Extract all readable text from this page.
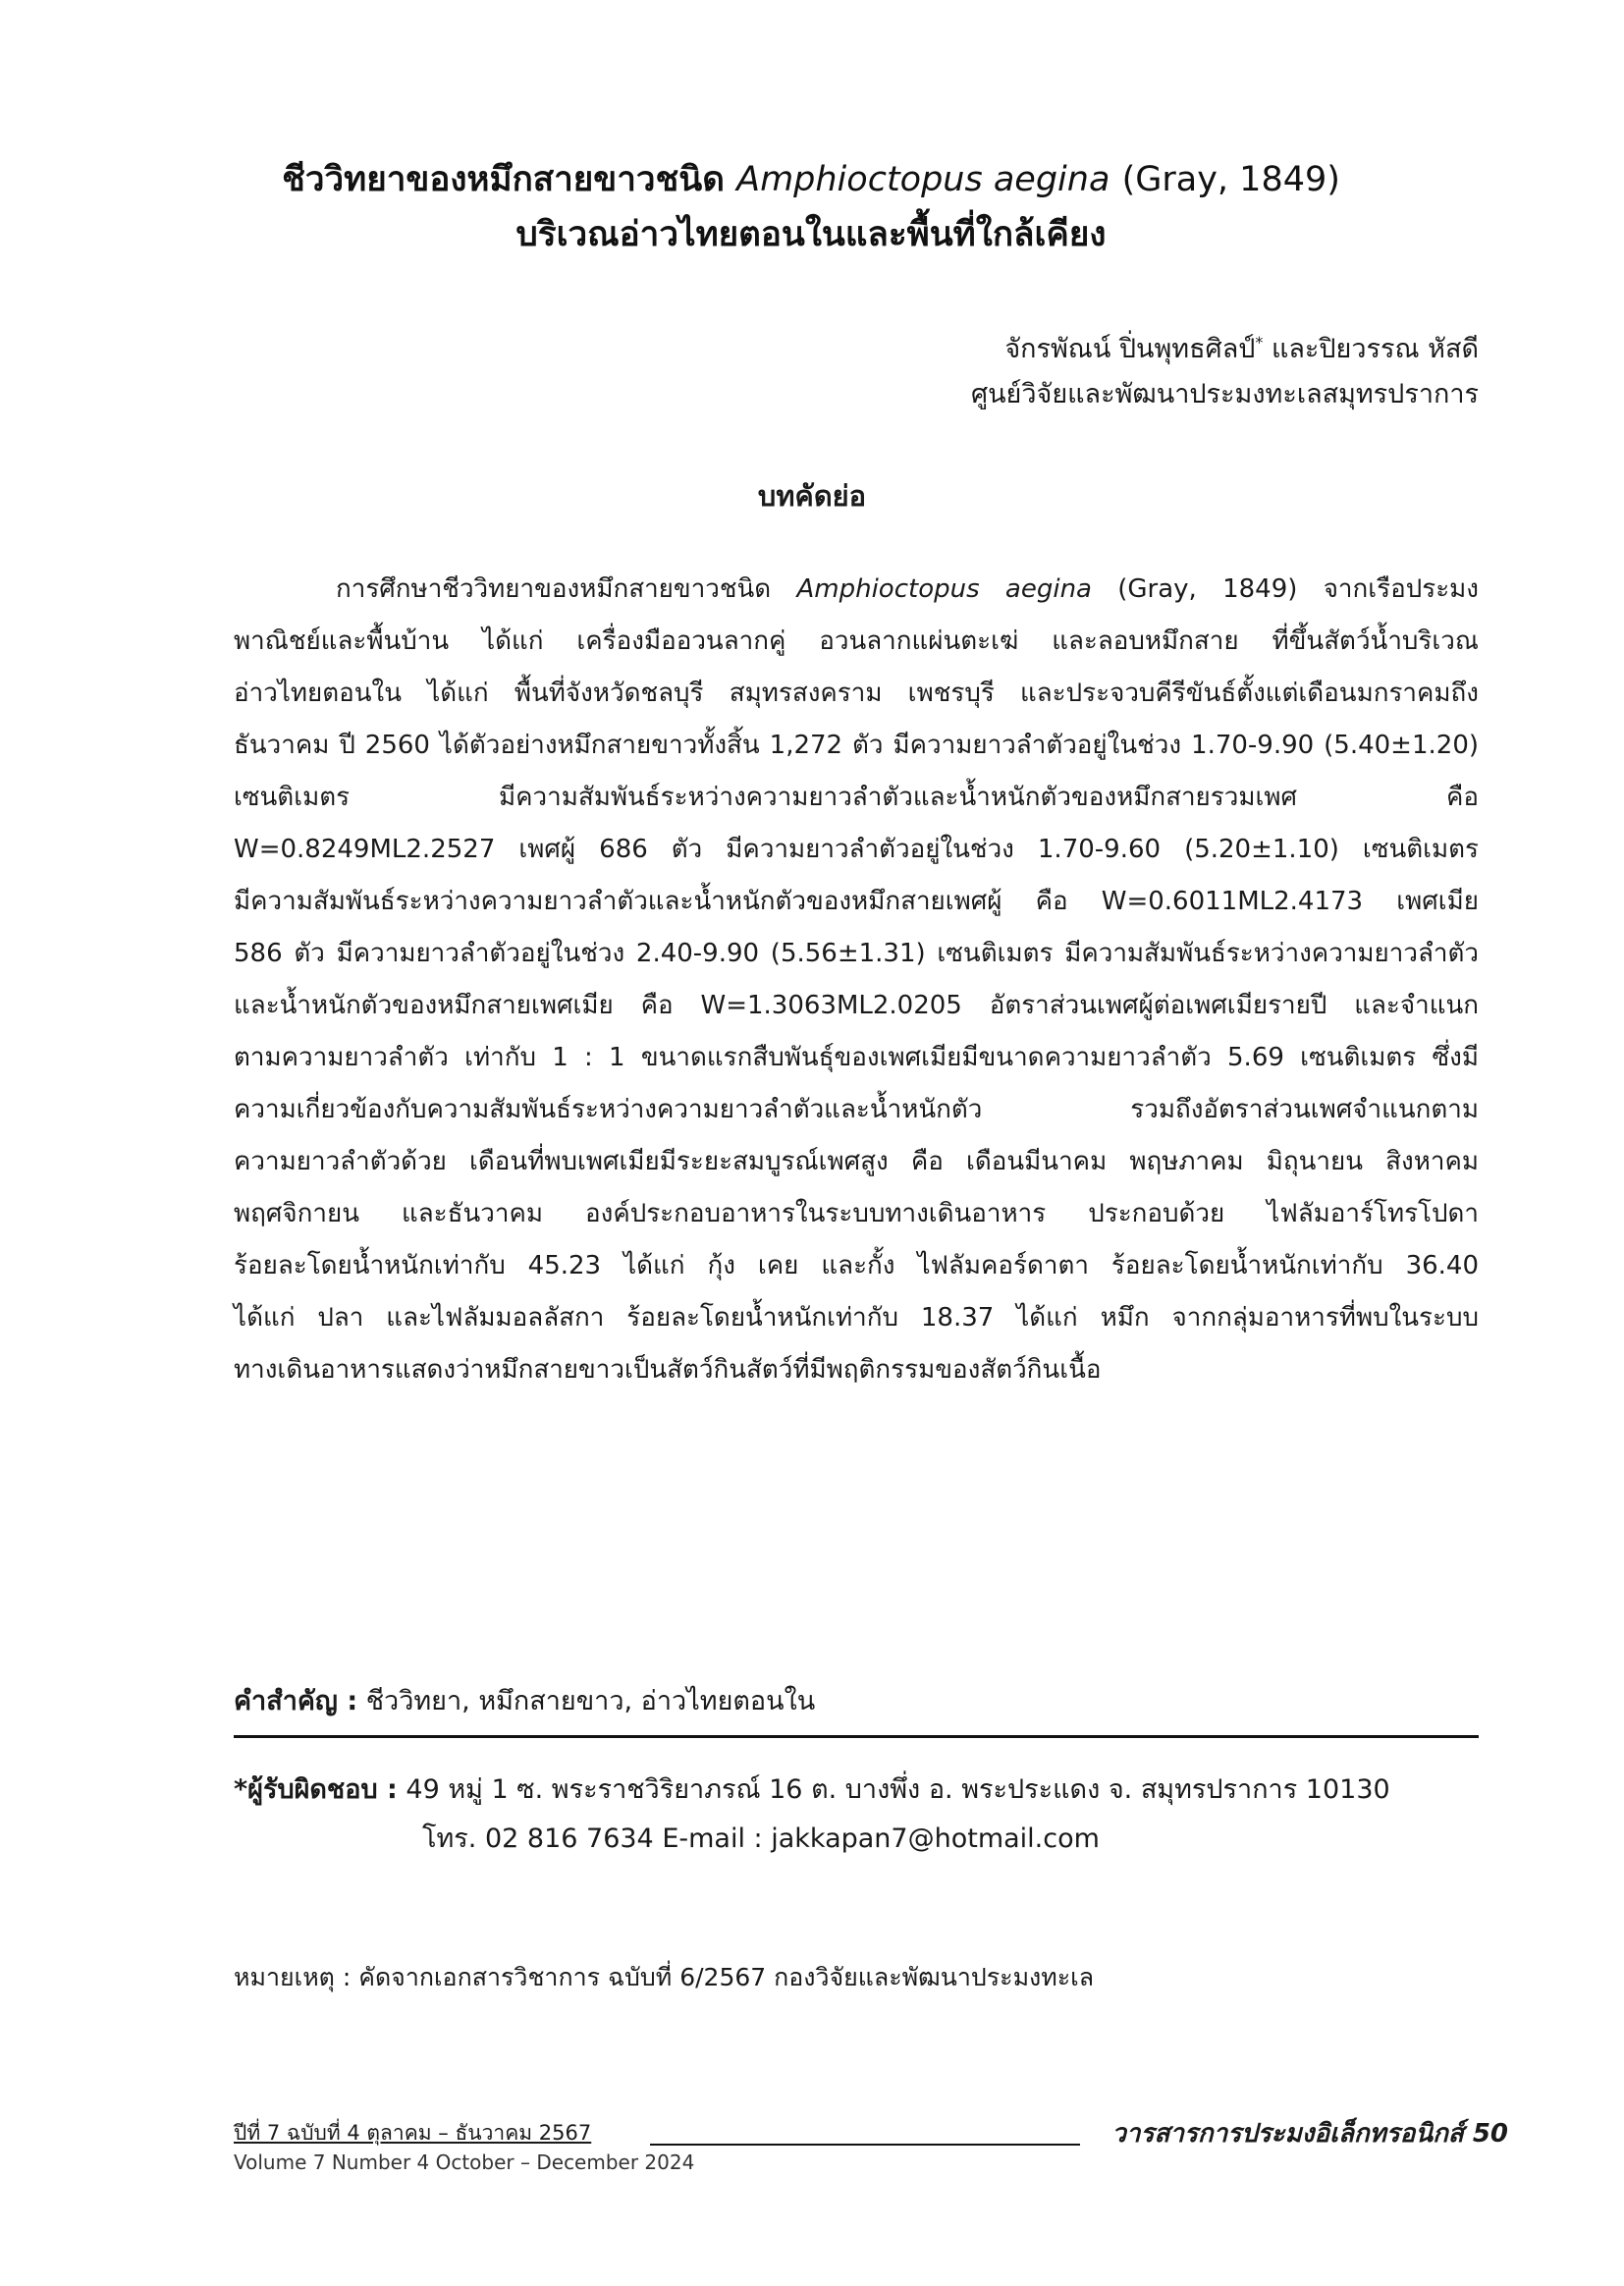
ชีววิทยาของหมึกสายขาวชนิด Amphioctopus aegina (Gray, 1849)
บริเวณอ่าวไทยตอนในและพื้นที่ใกล้เคียง
จักรพัณน์ ปิ่นพุทธศิลป์* และปิยวรรณ หัสดี
ศูนย์วิจัยและพัฒนาประมงทะเลสมุทรปราการ
บทคัดย่อ
การศึกษาชีววิทยาของหมึกสายขาวชนิด Amphioctopus aegina (Gray, 1849) จากเรือประมง
พาณิชย์และพื้นบ้าน ได้แก่ เครื่องมืออวนลากคู่ อวนลากแผ่นตะเฆ่ และลอบหมึกสาย ที่ขึ้นสัตว์น้ำบริเวณ
อ่าวไทยตอนใน ได้แก่ พื้นที่จังหวัดชลบุรี สมุทรสงคราม เพชรบุรี และประจวบคีรีขันธ์ตั้งแต่เดือนมกราคมถึง
ธันวาคม ปี 2560 ได้ตัวอย่างหมึกสายขาวทั้งสิ้น 1,272 ตัว มีความยาวลำตัวอยู่ในช่วง 1.70-9.90 (5.40±1.20)
เซนติเมตร มีความสัมพันธ์ระหว่างความยาวลำตัวและน้ำหนักตัวของหมึกสายรวมเพศ คือ
W=0.8249ML2.2527 เพศผู้ 686 ตัว มีความยาวลำตัวอยู่ในช่วง 1.70-9.60 (5.20±1.10) เซนติเมตร
มีความสัมพันธ์ระหว่างความยาวลำตัวและน้ำหนักตัวของหมึกสายเพศผู้ คือ W=0.6011ML2.4173 เพศเมีย
586 ตัว มีความยาวลำตัวอยู่ในช่วง 2.40-9.90 (5.56±1.31) เซนติเมตร มีความสัมพันธ์ระหว่างความยาวลำตัว
และน้ำหนักตัวของหมึกสายเพศเมีย คือ W=1.3063ML2.0205 อัตราส่วนเพศผู้ต่อเพศเมียรายปี และจำแนก
ตามความยาวลำตัว เท่ากับ 1 : 1 ขนาดแรกสืบพันธุ์ของเพศเมียมีขนาดความยาวลำตัว 5.69 เซนติเมตร ซึ่งมี
ความเกี่ยวข้องกับความสัมพันธ์ระหว่างความยาวลำตัวและน้ำหนักตัว รวมถึงอัตราส่วนเพศจำแนกตาม
ความยาวลำตัวด้วย เดือนที่พบเพศเมียมีระยะสมบูรณ์เพศสูง คือ เดือนมีนาคม พฤษภาคม มิถุนายน สิงหาคม
พฤศจิกายน และธันวาคม องค์ประกอบอาหารในระบบทางเดินอาหาร ประกอบด้วย ไฟลัมอาร์โทรโปดา
ร้อยละโดยน้ำหนักเท่ากับ 45.23 ได้แก่ กุ้ง เคย และกั้ง ไฟลัมคอร์ดาตา ร้อยละโดยน้ำหนักเท่ากับ 36.40
ได้แก่ ปลา และไฟลัมมอลลัสกา ร้อยละโดยน้ำหนักเท่ากับ 18.37 ได้แก่ หมึก จากกลุ่มอาหารที่พบในระบบ
ทางเดินอาหารแสดงว่าหมึกสายขาวเป็นสัตว์กินสัตว์ที่มีพฤติกรรมของสัตว์กินเนื้อ
คำสำคัญ : ชีววิทยา, หมึกสายขาว, อ่าวไทยตอนใน
*ผู้รับผิดชอบ : 49 หมู่ 1 ซ. พระราชวิริยาภรณ์ 16 ต. บางพึ่ง อ. พระประแดง จ. สมุทรปราการ 10130
โทร. 02 816 7634 E-mail : jakkapan7@hotmail.com
หมายเหตุ : คัดจากเอกสารวิชาการ ฉบับที่ 6/2567 กองวิจัยและพัฒนาประมงทะเล
ปีที่ 7 ฉบับที่ 4 ตุลาคม – ธันวาคม 2567	วารสารการประมงอิเล็กทรอนิกส์ 50
Volume 7 Number 4 October – December 2024
